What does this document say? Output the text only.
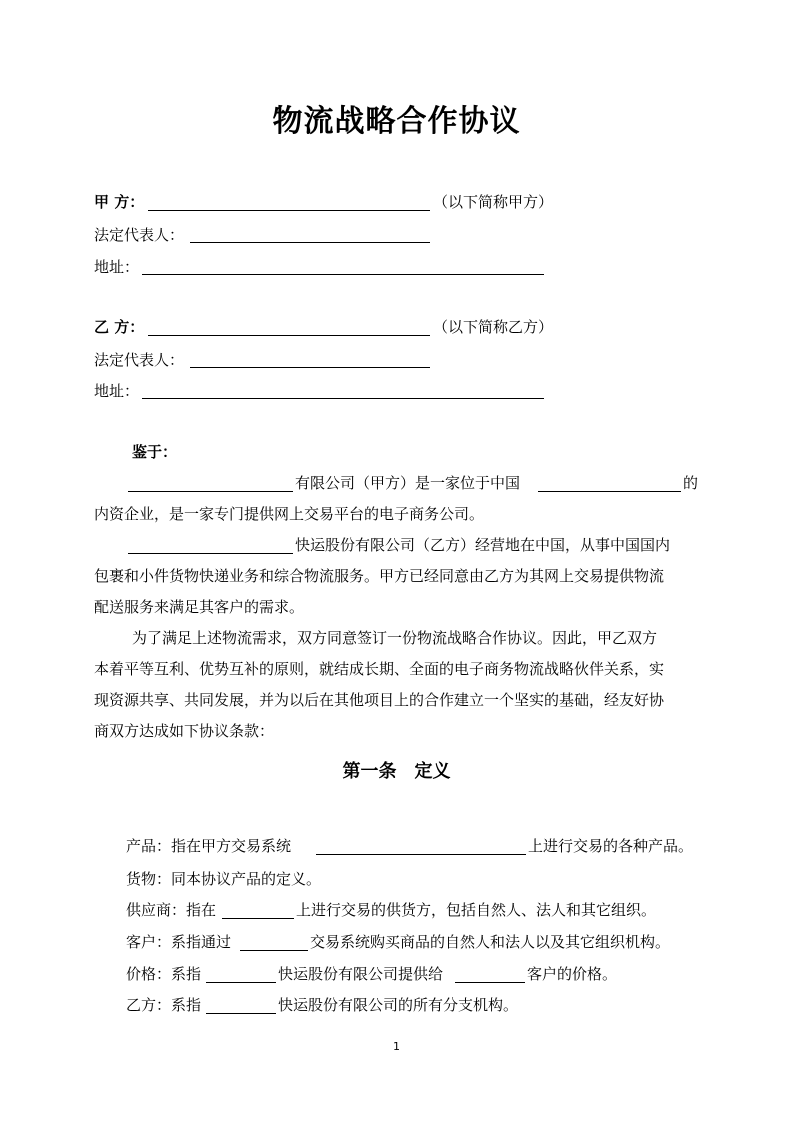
物流战略合作协议
甲 方：	（以下简称甲方）
法定代表人：
地址：
乙 方：	（以下简称乙方）
法定代表人：
地址：
鉴于：
有限公司（甲方）是一家位于中国	的
内资企业，是一家专门提供网上交易平台的电子商务公司。
快运股份有限公司（乙方）经营地在中国，从事中国国内
包裹和小件货物快递业务和综合物流服务。甲方已经同意由乙方为其网上交易提供物流
配送服务来满足其客户的需求。
为了满足上述物流需求，双方同意签订一份物流战略合作协议。因此，甲乙双方
本着平等互利、优势互补的原则，就结成长期、全面的电子商务物流战略伙伴关系，实
现资源共享、共同发展，并为以后在其他项目上的合作建立一个坚实的基础，经友好协
商双方达成如下协议条款：
第一条　定义
产品：指在甲方交易系统	上进行交易的各种产品。
货物：同本协议产品的定义。
供应商：指在	上进行交易的供货方，包括自然人、法人和其它组织。
客户：系指通过	交易系统购买商品的自然人和法人以及其它组织机构。
价格：系指	快运股份有限公司提供给	客户的价格。
乙方：系指	快运股份有限公司的所有分支机构。
1
